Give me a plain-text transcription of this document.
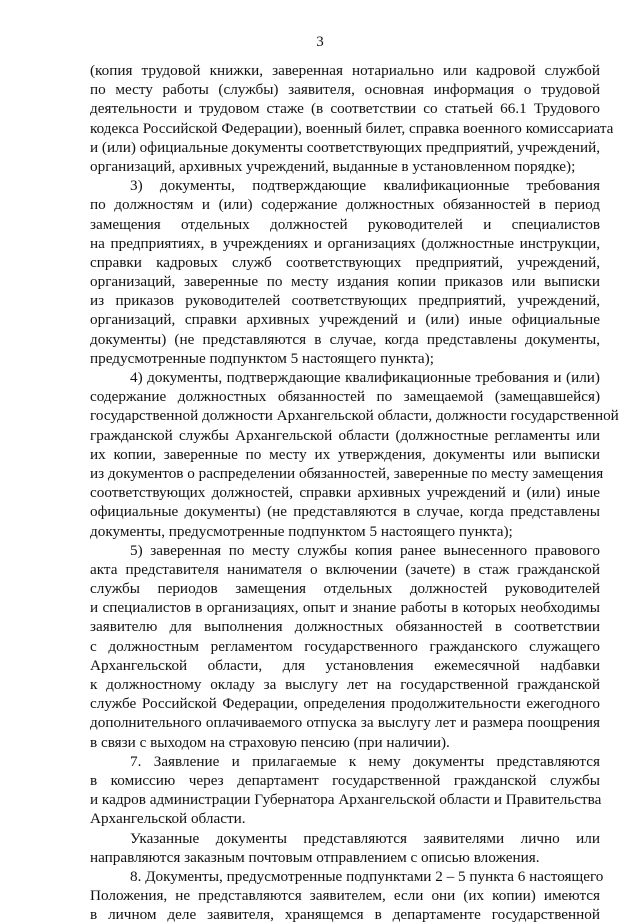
3
(копия трудовой книжки, заверенная нотариально или кадровой службой
по месту работы (службы) заявителя, основная информация о трудовой
деятельности и трудовом стаже (в соответствии со статьей 66.1 Трудового
кодекса Российской Федерации), военный билет, справка военного комиссариата
и (или) официальные документы соответствующих предприятий, учреждений,
организаций, архивных учреждений, выданные в установленном порядке);
3) документы, подтверждающие квалификационные требования
по должностям и (или) содержание должностных обязанностей в период
замещения отдельных должностей руководителей и специалистов
на предприятиях, в учреждениях и организациях (должностные инструкции,
справки кадровых служб соответствующих предприятий, учреждений,
организаций, заверенные по месту издания копии приказов или выписки
из приказов руководителей соответствующих предприятий, учреждений,
организаций, справки архивных учреждений и (или) иные официальные
документы) (не представляются в случае, когда представлены документы,
предусмотренные подпунктом 5 настоящего пункта);
4) документы, подтверждающие квалификационные требования и (или)
содержание должностных обязанностей по замещаемой (замещавшейся)
государственной должности Архангельской области, должности государственной
гражданской службы Архангельской области (должностные регламенты или
их копии, заверенные по месту их утверждения, документы или выписки
из документов о распределении обязанностей, заверенные по месту замещения
соответствующих должностей, справки архивных учреждений и (или) иные
официальные документы) (не представляются в случае, когда представлены
документы, предусмотренные подпунктом 5 настоящего пункта);
5) заверенная по месту службы копия ранее вынесенного правового
акта представителя нанимателя о включении (зачете) в стаж гражданской
службы периодов замещения отдельных должностей руководителей
и специалистов в организациях, опыт и знание работы в которых необходимы
заявителю для выполнения должностных обязанностей в соответствии
с должностным регламентом государственного гражданского служащего
Архангельской области, для установления ежемесячной надбавки
к должностному окладу за выслугу лет на государственной гражданской
службе Российской Федерации, определения продолжительности ежегодного
дополнительного оплачиваемого отпуска за выслугу лет и размера поощрения
в связи с выходом на страховую пенсию (при наличии).
7. Заявление и прилагаемые к нему документы представляются
в комиссию через департамент государственной гражданской службы
и кадров администрации Губернатора Архангельской области и Правительства
Архангельской области.
Указанные документы представляются заявителями лично или
направляются заказным почтовым отправлением с описью вложения.
8. Документы, предусмотренные подпунктами 2 – 5 пункта 6 настоящего
Положения, не представляются заявителем, если они (их копии) имеются
в личном деле заявителя, хранящемся в департаменте государственной
